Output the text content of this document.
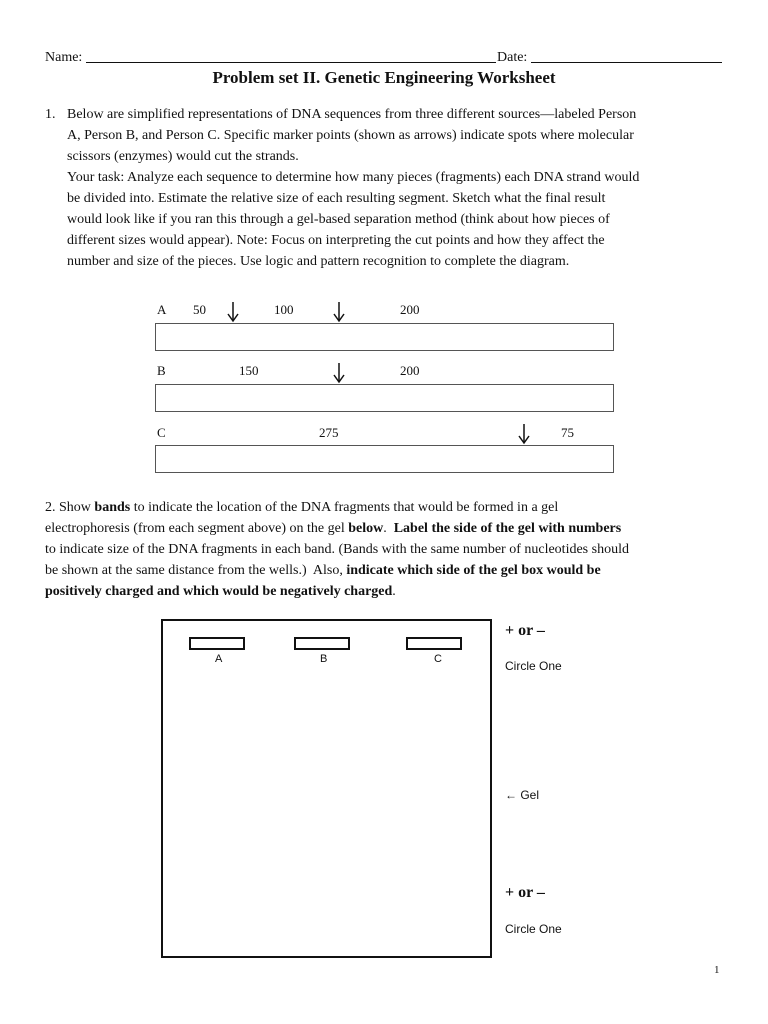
Name:	Date:
Problem set II. Genetic Engineering Worksheet
1. Below are simplified representations of DNA sequences from three different sources—labeled Person
A, Person B, and Person C. Specific marker points (shown as arrows) indicate spots where molecular
scissors (enzymes) would cut the strands.
Your task: Analyze each sequence to determine how many pieces (fragments) each DNA strand would
be divided into. Estimate the relative size of each resulting segment. Sketch what the final result
would look like if you ran this through a gel-based separation method (think about how pieces of
different sizes would appear). Note: Focus on interpreting the cut points and how they affect the
number and size of the pieces. Use logic and pattern recognition to complete the diagram.
A 50	100	200
B	150	200
C	275	75
2. Show bands to indicate the location of the DNA fragments that would be formed in a gel
electrophoresis (from each segment above) on the gel below.  Label the side of the gel with numbers
to indicate size of the DNA fragments in each band. (Bands with the same number of nucleotides should
be shown at the same distance from the wells.)  Also, indicate which side of the gel box would be
positively charged and which would be negatively charged.
A	B	C
+ or –
Circle One
← Gel
+ or –
Circle One
1
